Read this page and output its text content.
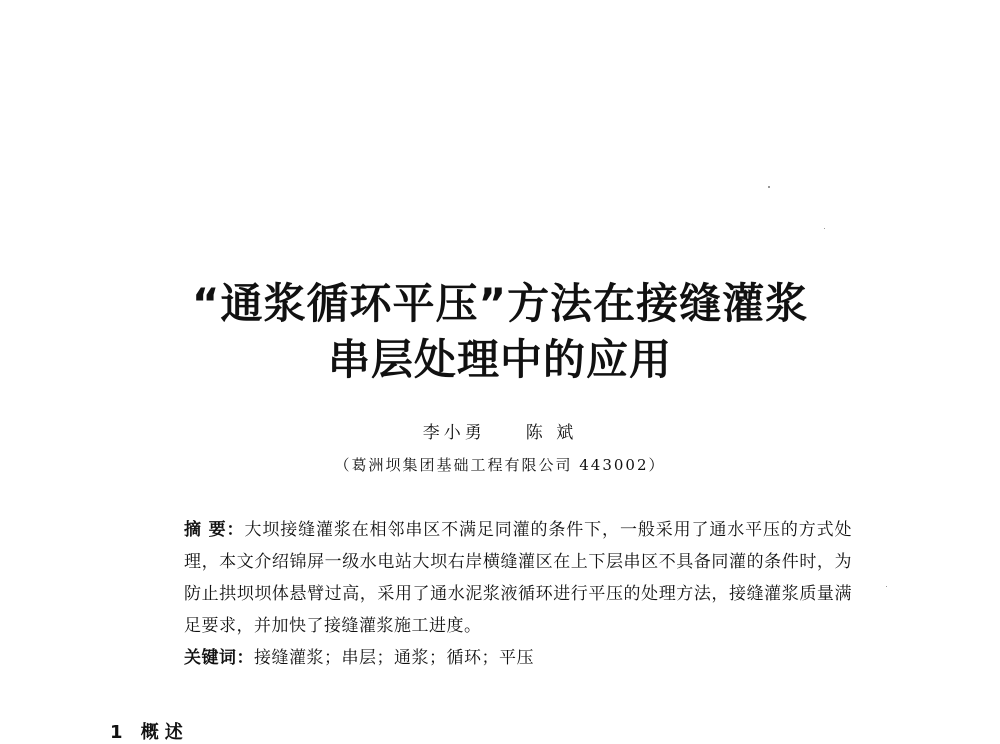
“通浆循环平压”方法在接缝灌浆
串层处理中的应用
李小勇 陈 斌
（葛洲坝集团基础工程有限公司 443002）

摘 要：大坝接缝灌浆在相邻串区不满足同灌的条件下，一般采用了通水平压的方式处理，本文介绍锦屏一级水电站大坝右岸横缝灌区在上下层串区不具备同灌的条件时，为防止拱坝坝体悬臂过高，采用了通水泥浆液循环进行平压的处理方法，接缝灌浆质量满足要求，并加快了接缝灌浆施工进度。

关键词：接缝灌浆；串层；通浆；循环；平压
1 概述
